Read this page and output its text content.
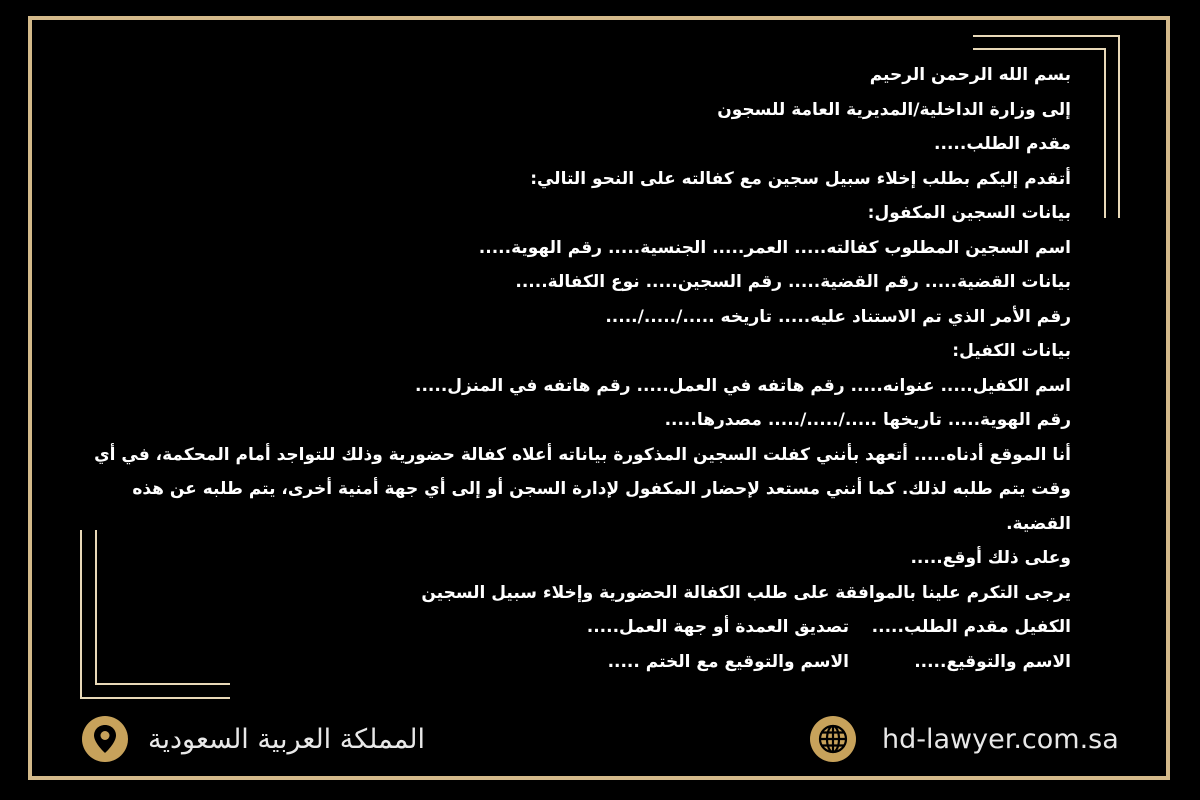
بسم الله الرحمن الرحيم
إلى وزارة الداخلية/المديرية العامة للسجون
مقدم الطلب.....
أتقدم إليكم بطلب إخلاء سبيل سجين مع كفالته على النحو التالي:
بيانات السجين المكفول:
اسم السجين المطلوب كفالته..... العمر..... الجنسية..... رقم الهوية.....
بيانات القضية..... رقم القضية..... رقم السجين..... نوع الكفالة.....
رقم الأمر الذي تم الاستناد عليه..... تاريخه ...../...../.....
بيانات الكفيل:
اسم الكفيل..... عنوانه..... رقم هاتفه في العمل..... رقم هاتفه في المنزل.....
رقم الهوية..... تاريخها ...../...../..... مصدرها.....
أنا الموقع أدناه..... أتعهد بأنني كفلت السجين المذكورة بياناته أعلاه كفالة حضورية وذلك للتواجد أمام المحكمة، في أي وقت يتم طلبه لذلك. كما أنني مستعد لإحضار المكفول لإدارة السجن أو إلى أي جهة أمنية أخرى، يتم طلبه عن هذه القضية.
وعلى ذلك أوقع.....
يرجى التكرم علينا بالموافقة على طلب الكفالة الحضورية وإخلاء سبيل السجين
الكفيل مقدم الطلب.....
تصديق العمدة أو جهة العمل.....
الاسم والتوقيع.....
الاسم والتوقيع مع الختم .....
المملكة العربية السعودية	hd-lawyer.com.sa
